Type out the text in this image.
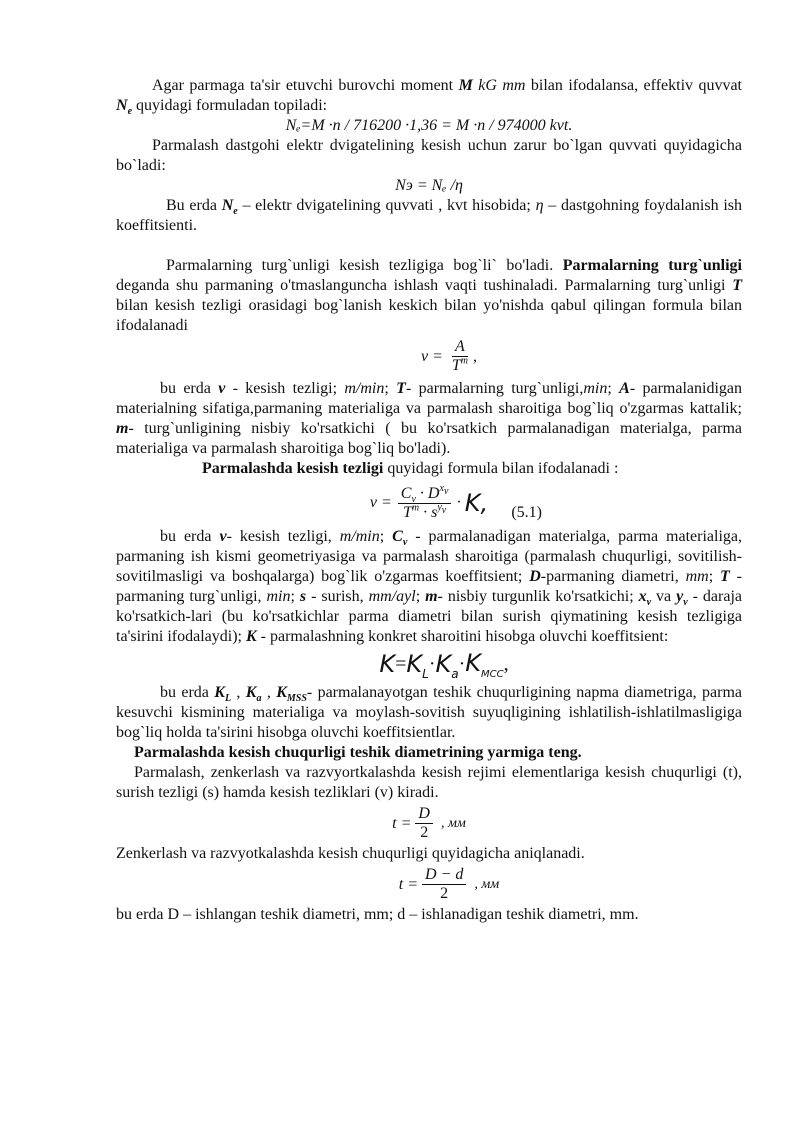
Agar parmaga ta'sir etuvchi burovchi moment M kG mm bilan ifodalansa, effektiv quvvat $N_e$ quyidagi formuladan topiladi:

Nₑ=M ·n / 716200 ·1,36 = M ·n / 974000 kvt.

Parmalash dastgohi elektr dvigatelining kesish uchun zarur bo`lgan quvvati quyidagicha bo`ladi:

Nэ = Nₑ /η

Bu erda $N_e$ – elektr dvigatelining quvvati , kvt hisobida; η – dastgohning foydalanish ish koeffitsienti.

Parmalarning turg`unligi kesish tezligiga bog`li` bo'ladi. Parmalarning turg`unligi deganda shu parmaning o'tmaslanguncha ishlash vaqti tushinaladi. Parmalarning turg`unligi T bilan kesish tezligi orasidagi bog`lanish keskich bilan yo'nishda qabul qilingan formula bilan ifodalanadi

$v = \frac{A}{T^m}$ ,

bu erda v - kesish tezligi; m/min; T- parmalarning turg`unligi,min; A- parmalanidigan materialning sifatiga,parmaning materialiga va parmalash sharoitiga bog`liq o'zgarmas kattalik; m- turg`unligining nisbiy ko'rsatkichi ( bu ko'rsatkich parmalanadigan materialga, parma materialiga va parmalash sharoitiga bog`liq bo'ladi).

Parmalashda kesish tezligi quyidagi formula bilan ifodalanadi :

$v = \frac{C_v \cdot D^{x_v}}{T^m \cdot s^{y_v}} \cdot K$, (5.1)

bu erda v- kesish tezligi, m/min; $C_v$ - parmalanadigan materialga, parma materialiga, parmaning ish kismi geometriyasiga va parmalash sharoitiga (parmalash chuqurligi, sovitilish-sovitilmasligi va boshqalarga) bog`lik o'zgarmas koeffitsient; D-parmaning diametri, mm; T - parmaning turg`unligi, min; s - surish, mm/ayl; m- nisbiy turgunlik ko'rsatkichi; $x_v$ va $y_v$ - daraja ko'rsatkich-lari (bu ko'rsatkichlar parma diametri bilan surish qiymatining kesish tezligiga ta'sirini ifodalaydi); K - parmalashning konkret sharoitini hisobga oluvchi koeffitsient:

$K = K_L \cdot K_a \cdot K_{MCC}$ ,

bu erda $K_L$ , $K_a$ , $K_{MSS}-$ parmalanayotgan teshik chuqurligining napma diametriga, parma kesuvchi kismining materialiga va moylash-sovitish suyuqligining ishlatilish-ishlatilmasligiga bog`liq holda ta'sirini hisobga oluvchi koeffitsientlar.

Parmalashda kesish chuqurligi teshik diametrining yarmiga teng.

Parmalash, zenkerlash va razvyortkalashda kesish rejimi elementlariga kesish chuqurligi (t), surish tezligi (s) hamda kesish tezliklari (v) kiradi.

$t = \frac{D}{2}$ , мм

Zenkerlash va razvyotkalashda kesish chuqurligi quyidagicha aniqlanadi.

$t = \frac{D - d}{2}$ , мм

bu erda D – ishlangan teshik diametri, mm; d – ishlanadigan teshik diametri, mm.
